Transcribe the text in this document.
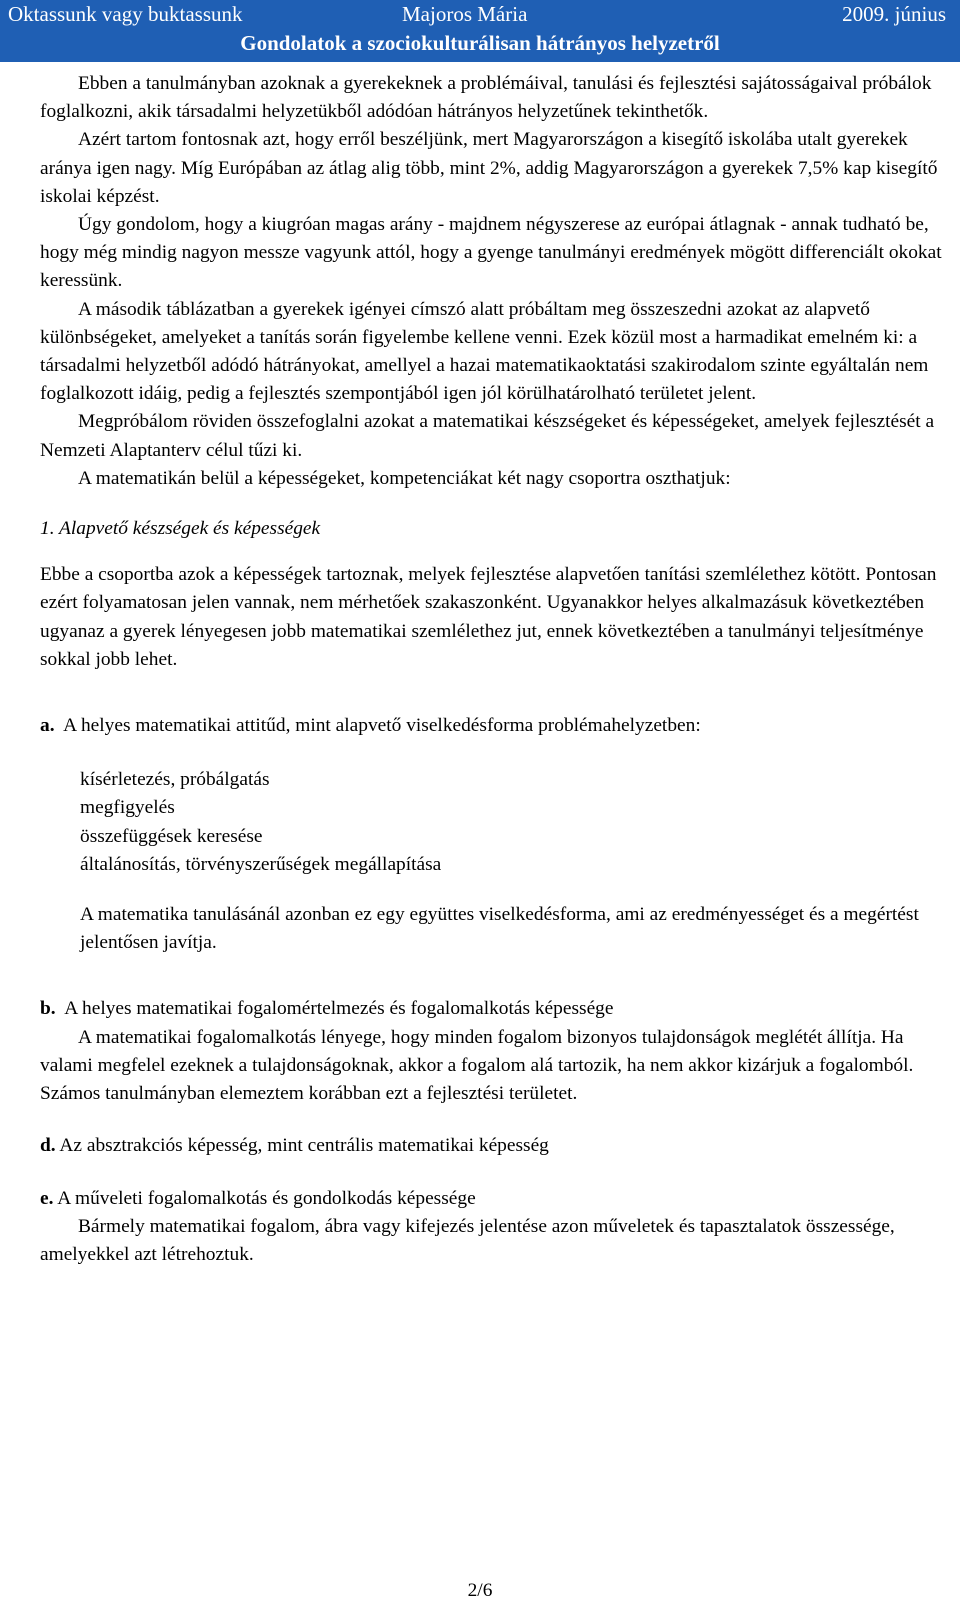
Oktassunk vagy buktassunk	Majoros Mária	2009. június
Gondolatok a szociokulturálisan hátrányos helyzetről

Ebben a tanulmányban azoknak a gyerekeknek a problémáival, tanulási és fejlesztési sajátosságaival próbálok foglalkozni, akik társadalmi helyzetükből adódóan hátrányos helyzetűnek tekinthetők.

Azért tartom fontosnak azt, hogy erről beszéljünk, mert Magyarországon a kisegítő iskolába utalt gyerekek aránya igen nagy. Míg Európában az átlag alig több, mint 2%, addig Magyarországon a gyerekek 7,5% kap kisegítő iskolai képzést.

Úgy gondolom, hogy a kiugróan magas arány - majdnem négyszerese az európai átlagnak - annak tudható be, hogy még mindig nagyon messze vagyunk attól, hogy a gyenge tanulmányi eredmények mögött differenciált okokat keressünk.

A második táblázatban a gyerekek igényei címszó alatt próbáltam meg összeszedni azokat az alapvető különbségeket, amelyeket a tanítás során figyelembe kellene venni. Ezek közül most a harmadikat emelném ki: a társadalmi helyzetből adódó hátrányokat, amellyel a hazai matematikaoktatási szakirodalom szinte egyáltalán nem foglalkozott idáig, pedig a fejlesztés szempontjából igen jól körülhatárolható területet jelent.

Megpróbálom röviden összefoglalni azokat a matematikai készségeket és képességeket, amelyek fejlesztését a Nemzeti Alaptanterv célul tűzi ki.

A matematikán belül a képességeket, kompetenciákat két nagy csoportra oszthatjuk:

1. Alapvető készségek és képességek

Ebbe a csoportba azok a képességek tartoznak, melyek fejlesztése alapvetően tanítási szemlélethez kötött. Pontosan ezért folyamatosan jelen vannak, nem mérhetőek szakaszonként. Ugyanakkor helyes alkalmazásuk következtében ugyanaz a gyerek lényegesen jobb matematikai szemlélethez jut, ennek következtében a tanulmányi teljesítménye sokkal jobb lehet.

a. A helyes matematikai attitűd, mint alapvető viselkedésforma problémahelyzetben:

kísérletezés, próbálgatás
megfigyelés
összefüggések keresése
általánosítás, törvényszerűségek megállapítása

A matematika tanulásánál azonban ez egy együttes viselkedésforma, ami az eredményességet és a megértést jelentősen javítja.

b. A helyes matematikai fogalomértelmezés és fogalomalkotás képessége

A matematikai fogalomalkotás lényege, hogy minden fogalom bizonyos tulajdonságok meglétét állítja. Ha valami megfelel ezeknek a tulajdonságoknak, akkor a fogalom alá tartozik, ha nem akkor kizárjuk a fogalomból. Számos tanulmányban elemeztem korábban ezt a fejlesztési területet.

d. Az absztrakciós képesség, mint centrális matematikai képesség

e. A műveleti fogalomalkotás és gondolkodás képessége

Bármely matematikai fogalom, ábra vagy kifejezés jelentése azon műveletek és tapasztalatok összessége, amelyekkel azt létrehoztuk.

2/6
